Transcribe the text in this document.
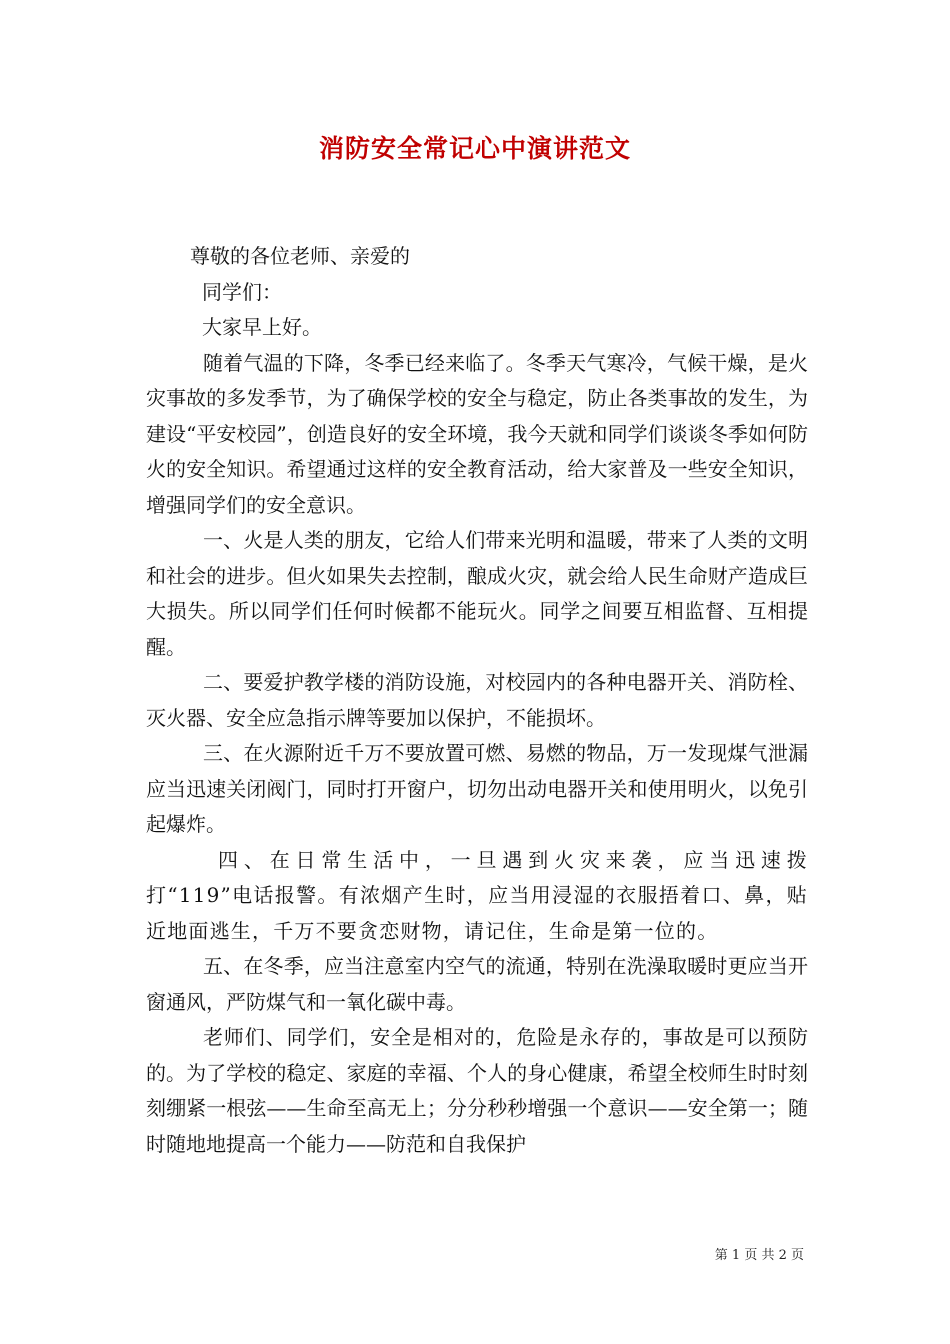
消防安全常记心中演讲范文

尊敬的各位老师、亲爱的

同学们：

大家早上好。

随着气温的下降，冬季已经来临了。冬季天气寒冷，气候干燥，是火灾事故的多发季节，为了确保学校的安全与稳定，防止各类事故的发生，为建设“平安校园”，创造良好的安全环境，我今天就和同学们谈谈冬季如何防火的安全知识。希望通过这样的安全教育活动，给大家普及一些安全知识，增强同学们的安全意识。

一、火是人类的朋友，它给人们带来光明和温暖，带来了人类的文明和社会的进步。但火如果失去控制，酿成火灾，就会给人民生命财产造成巨大损失。所以同学们任何时候都不能玩火。同学之间要互相监督、互相提醒。

二、要爱护教学楼的消防设施，对校园内的各种电器开关、消防栓、灭火器、安全应急指示牌等要加以保护，不能损坏。

三、在火源附近千万不要放置可燃、易燃的物品，万一发现煤气泄漏应当迅速关闭阀门，同时打开窗户，切勿出动电器开关和使用明火，以免引起爆炸。

四、在日常生活中，一旦遇到火灾来袭，应当迅速拨打“119”电话报警。有浓烟产生时，应当用浸湿的衣服捂着口、鼻，贴近地面逃生，千万不要贪恋财物，请记住，生命是第一位的。

五、在冬季，应当注意室内空气的流通，特别在洗澡取暖时更应当开窗通风，严防煤气和一氧化碳中毒。

老师们、同学们，安全是相对的，危险是永存的，事故是可以预防的。为了学校的稳定、家庭的幸福、个人的身心健康，希望全校师生时时刻刻绷紧一根弦——生命至高无上；分分秒秒增强一个意识——安全第一；随时随地地提高一个能力——防范和自我保护

第 1 页 共 2 页
